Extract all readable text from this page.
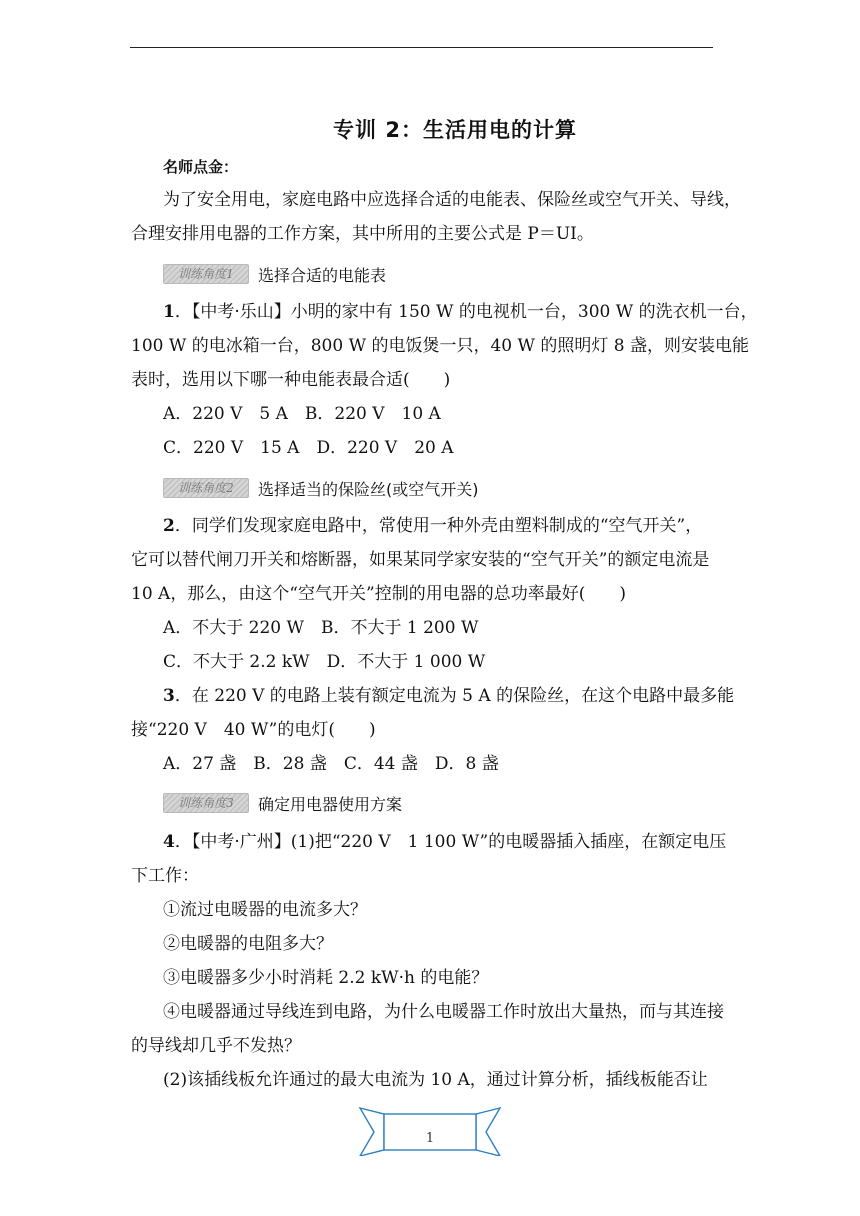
专训 2：生活用电的计算
名师点金：
为了安全用电，家庭电路中应选择合适的电能表、保险丝或空气开关、导线，
合理安排用电器的工作方案，其中所用的主要公式是 P＝UI。
训练角度1	选择合适的电能表
1．【中考·乐山】小明的家中有 150 W 的电视机一台，300 W 的洗衣机一台，
100 W 的电冰箱一台，800 W 的电饭煲一只，40 W 的照明灯 8 盏，则安装电能
表时，选用以下哪一种电能表最合适(　　)
A．220 V　5 A　B．220 V　10 A
C．220 V　15 A　D．220 V　20 A
训练角度2	选择适当的保险丝(或空气开关)
2．同学们发现家庭电路中，常使用一种外壳由塑料制成的“空气开关”，
它可以替代闸刀开关和熔断器，如果某同学家安装的“空气开关”的额定电流是
10 A，那么，由这个“空气开关”控制的用电器的总功率最好(　　)
A．不大于 220 W　B．不大于 1 200 W
C．不大于 2.2 kW　D．不大于 1 000 W
3．在 220 V 的电路上装有额定电流为 5 A 的保险丝，在这个电路中最多能
接“220 V　40 W”的电灯(　　)
A．27 盏　B．28 盏　C．44 盏　D．8 盏
训练角度3	确定用电器使用方案
4．【中考·广州】(1)把“220 V　1 100 W”的电暖器插入插座，在额定电压
下工作：
①流过电暖器的电流多大？
②电暖器的电阻多大？
③电暖器多少小时消耗 2.2 kW·h 的电能？
④电暖器通过导线连到电路，为什么电暖器工作时放出大量热，而与其连接
的导线却几乎不发热？
(2)该插线板允许通过的最大电流为 10 A，通过计算分析，插线板能否让
1
